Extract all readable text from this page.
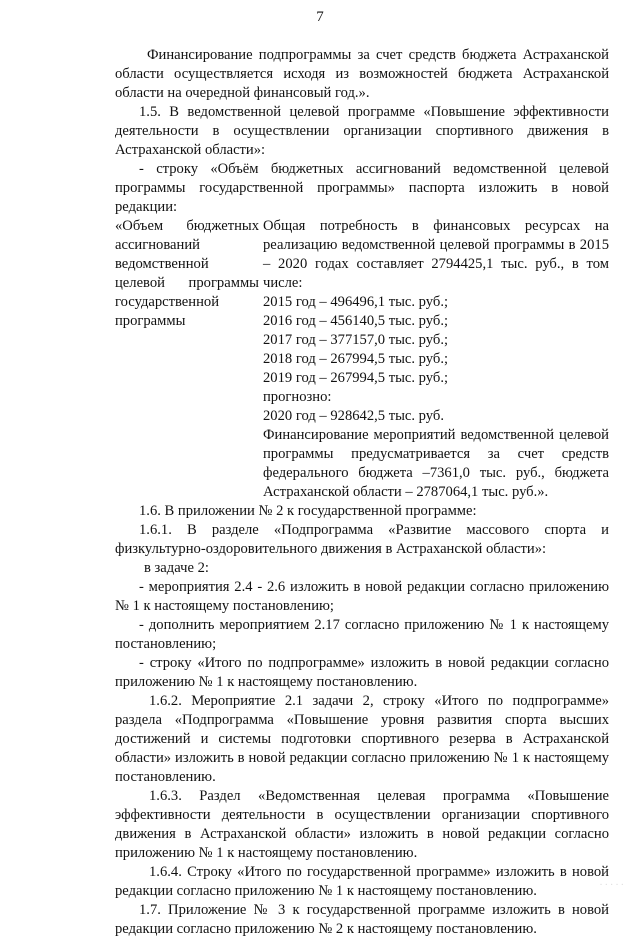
7

Финансирование подпрограммы за счет средств бюджета Астраханской области осуществляется исходя из возможностей бюджета Астраханской области на очередной финансовый год.».

1.5. В ведомственной целевой программе «Повышение эффективности деятельности в осуществлении организации спортивного движения в Астраханской области»:

- строку «Объём бюджетных ассигнований ведомственной целевой программы государственной программы» паспорта изложить в новой редакции:

«Объем бюджетных ассигнований ведомственной целевой программы государственной программы

Общая потребность в финансовых ресурсах на реализацию ведомственной целевой программы в 2015 – 2020 годах составляет 2794425,1 тыс. руб., в том числе:

2015 год – 496496,1 тыс. руб.;

2016 год – 456140,5 тыс. руб.;

2017 год – 377157,0 тыс. руб.;

2018 год – 267994,5 тыс. руб.;

2019 год – 267994,5 тыс. руб.;

прогнозно:

2020 год – 928642,5 тыс. руб.

Финансирование мероприятий ведомственной целевой программы предусматривается за счет средств федерального бюджета –7361,0 тыс. руб., бюджета Астраханской области – 2787064,1 тыс. руб.».

1.6. В приложении № 2 к государственной программе:

1.6.1. В разделе «Подпрограмма «Развитие массового спорта и физкультурно-оздоровительного движения в Астраханской области»:

в задаче 2:

- мероприятия 2.4 - 2.6 изложить в новой редакции согласно приложению № 1 к настоящему постановлению;

- дополнить мероприятием 2.17 согласно приложению № 1 к настоящему постановлению;

- строку «Итого по подпрограмме» изложить в новой редакции согласно приложению № 1 к настоящему постановлению.

1.6.2. Мероприятие 2.1 задачи 2, строку «Итого по подпрограмме» раздела «Подпрограмма «Повышение уровня развития спорта высших достижений и системы подготовки спортивного резерва в Астраханской области» изложить в новой редакции согласно приложению № 1 к настоящему постановлению.

1.6.3. Раздел «Ведомственная целевая программа «Повышение эффективности деятельности в осуществлении организации спортивного движения в Астраханской области» изложить в новой редакции согласно приложению № 1 к настоящему постановлению.

1.6.4. Строку «Итого по государственной программе» изложить в новой редакции согласно приложению № 1 к настоящему постановлению.

1.7. Приложение № 3 к государственной программе изложить в новой редакции согласно приложению № 2 к настоящему постановлению.

·····
